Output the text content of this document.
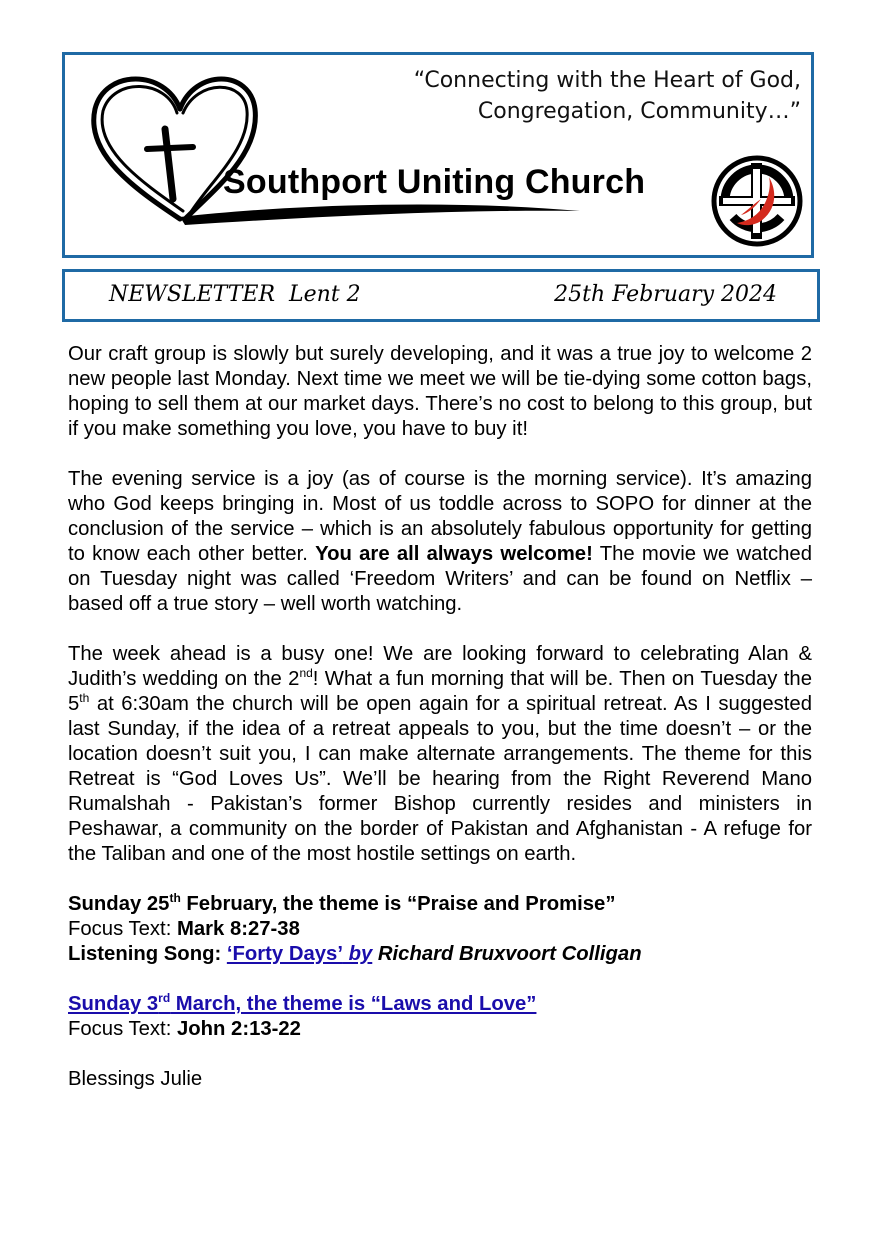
“Connecting with the Heart of God,
Congregation, Community…”
Southport Uniting Church
NEWSLETTER  Lent 2	25th February 2024

Our craft group is slowly but surely developing, and it was a true joy to welcome 2 new people last Monday. Next time we meet we will be tie-dying some cotton bags, hoping to sell them at our market days. There’s no cost to belong to this group, but if you make something you love, you have to buy it!

The evening service is a joy (as of course is the morning service). It’s amazing who God keeps bringing in. Most of us toddle across to SOPO for dinner at the conclusion of the service – which is an absolutely fabulous opportunity for getting to know each other better. You are all always welcome! The movie we watched on Tuesday night was called ‘Freedom Writers’ and can be found on Netflix – based off a true story – well worth watching.

The week ahead is a busy one! We are looking forward to celebrating Alan & Judith’s wedding on the 2nd! What a fun morning that will be. Then on Tuesday the 5th at 6:30am the church will be open again for a spiritual retreat. As I suggested last Sunday, if the idea of a retreat appeals to you, but the time doesn’t – or the location doesn’t suit you, I can make alternate arrangements. The theme for this Retreat is “God Loves Us”. We’ll be hearing from the Right Reverend Mano Rumalshah - Pakistan’s former Bishop currently resides and ministers in Peshawar, a community on the border of Pakistan and Afghanistan - A refuge for the Taliban and one of the most hostile settings on earth.

Sunday 25th February, the theme is “Praise and Promise”

Focus Text: Mark 8:27-38

Listening Song: ‘Forty Days’ by Richard Bruxvoort Colligan

Sunday 3rd March, the theme is “Laws and Love”

Focus Text: John 2:13-22

Blessings Julie
